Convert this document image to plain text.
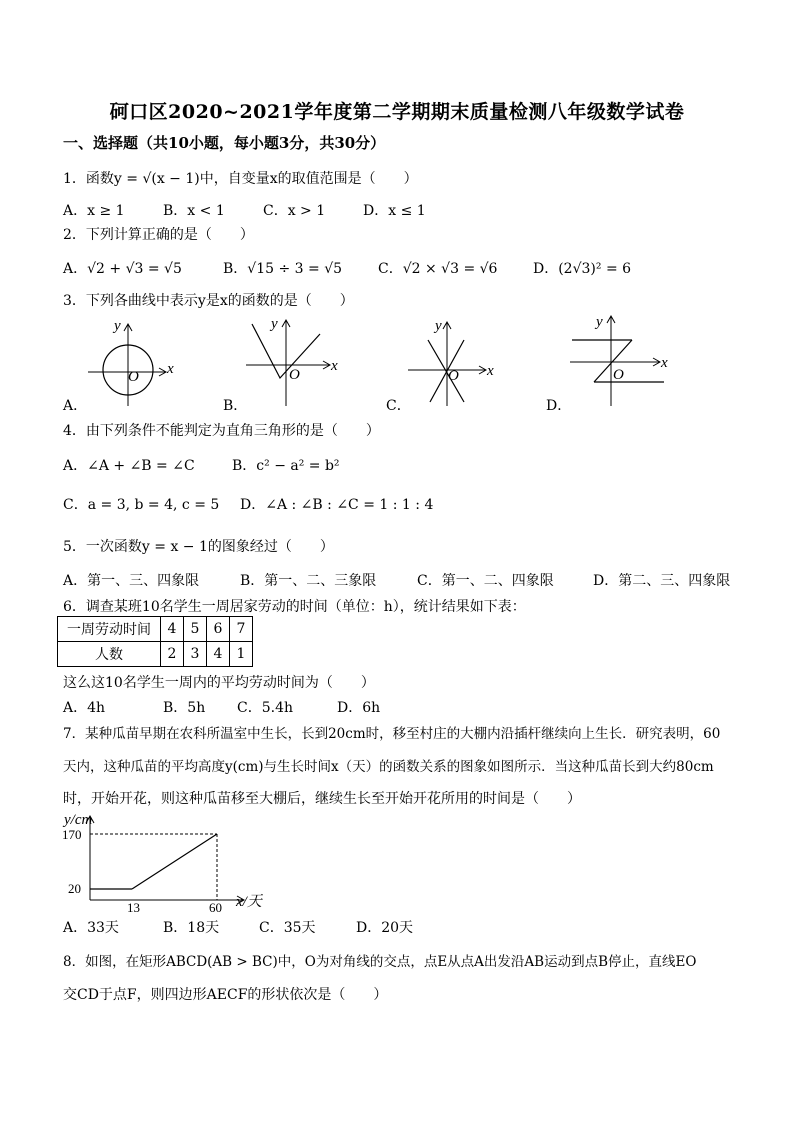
砢口区2020~2021学年度第二学期期末质量检测八年级数学试卷
一、选择题（共10小题，每小题3分，共30分）
1．函数y = √(x − 1)中，自变量x的取值范围是（　　）
A．x ≥ 1	B．x < 1	C．x > 1	D．x ≤ 1
2．下列计算正确的是（　　）
A．√2 + √3 = √5	B．√15 ÷ 3 = √5	C．√2 × √3 = √6	D．(2√3)² = 6
3．下列各曲线中表示y是x的函数的是（　　）
y
x
O
y
x
O
y
x
O
y
x
O
A．	B．	C．	D．
4．由下列条件不能判定为直角三角形的是（　　）
A．∠A + ∠B = ∠C	B．c² − a² = b²
C．a = 3, b = 4, c = 5 D．∠A : ∠B : ∠C = 1 : 1 : 4
5．一次函数y = x − 1的图象经过（　　）
A．第一、三、四象限	B．第一、二、三象限	C．第一、二、四象限	D．第二、三、四象限
6．调查某班10名学生一周居家劳动的时间（单位：h），统计结果如下表：
一周劳动时间	4	5	6	7
人数	2	3	4	1
这么这10名学生一周内的平均劳动时间为（　　）
A．4h	B．5h C．5.4h	D．6h
7．某种瓜苗早期在农科所温室中生长，长到20cm时，移至村庄的大棚内沿插杆继续向上生长．研究表明，60
天内，这种瓜苗的平均高度y(cm)与生长时间x（天）的函数关系的图象如图所示．当这种瓜苗长到大约80cm
时，开始开花，则这种瓜苗移至大棚后，继续生长至开始开花所用的时间是（　　）
y/cm
170
20
13	60 x/天
A．33天	B．18天	C．35天	D．20天
8．如图，在矩形ABCD(AB > BC)中，O为对角线的交点，点E从点A出发沿AB运动到点B停止，直线EO
交CD于点F，则四边形AECF的形状依次是（　　）
